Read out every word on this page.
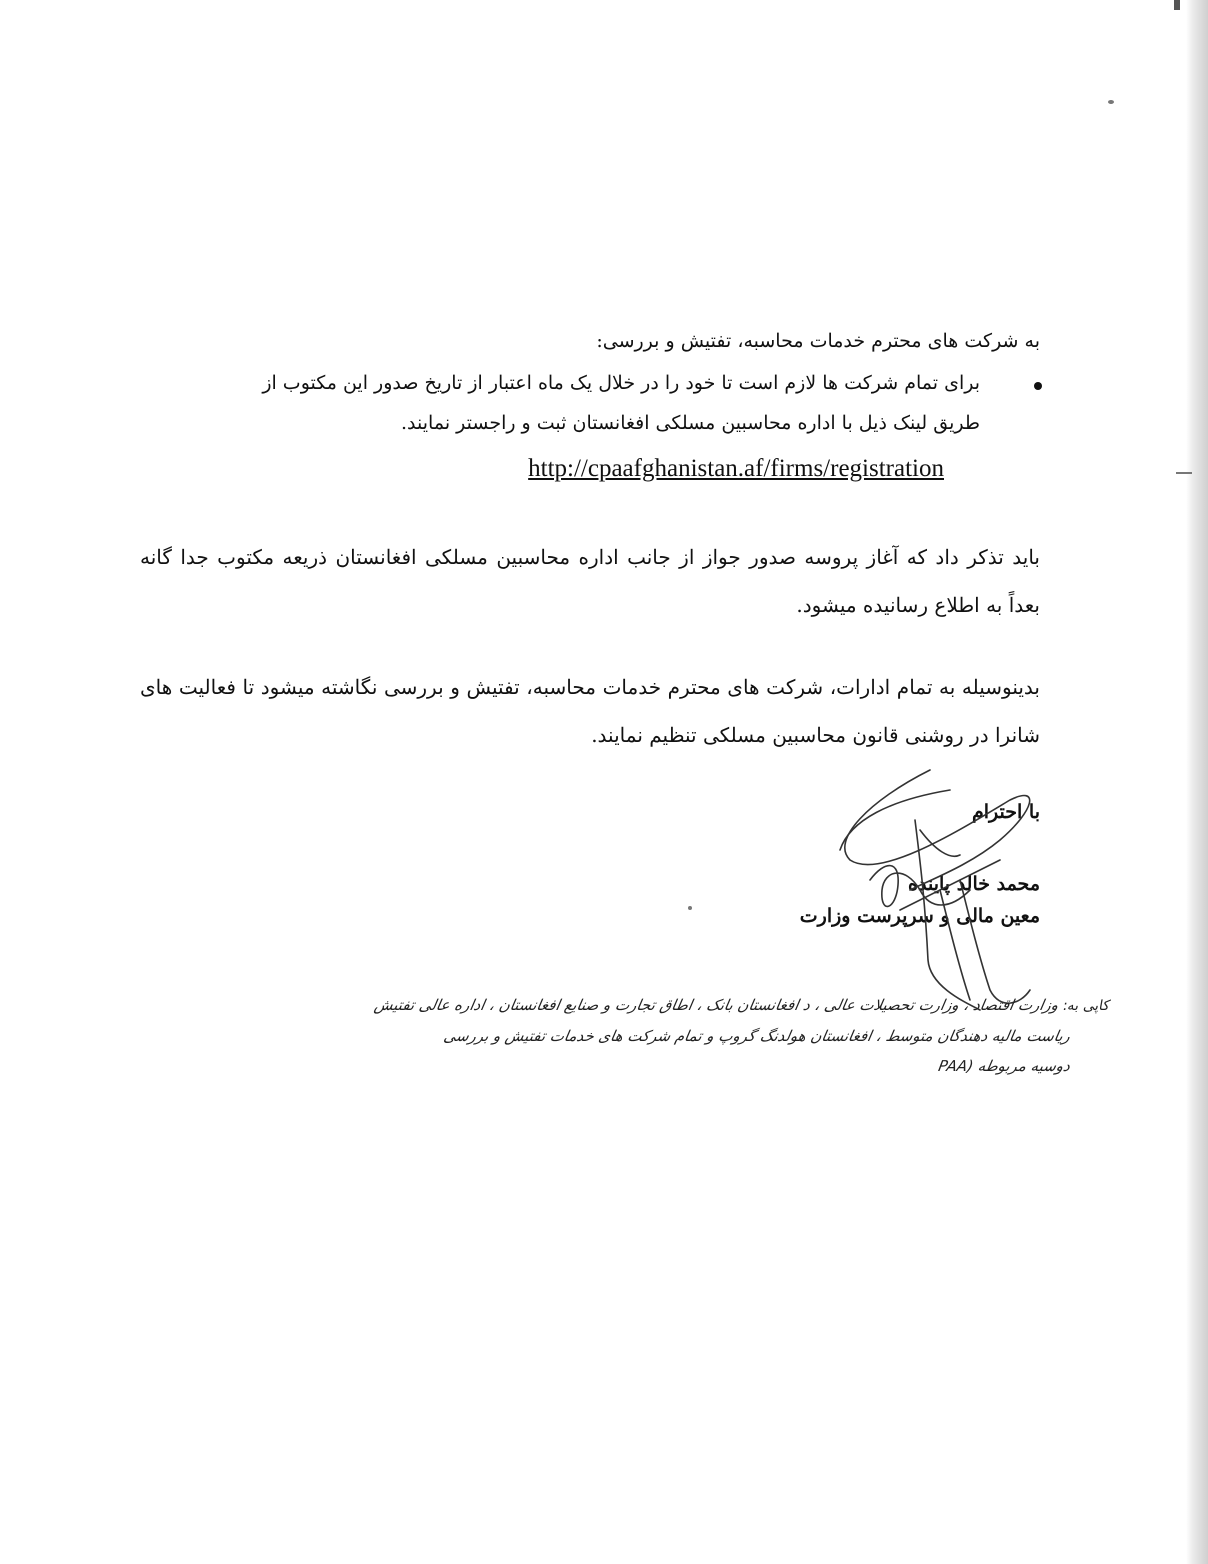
به شرکت های محترم خدمات محاسبه، تفتیش و بررسی:
برای تمام شرکت ها لازم است تا خود را در خلال یک ماه اعتبار از تاریخ صدور این مکتوب از
طریق لینک ذیل با اداره محاسبین مسلکی افغانستان ثبت و راجستر نمایند.
http://cpaafghanistan.af/firms/registration
باید تذکر داد که آغاز پروسه صدور جواز از جانب اداره محاسبین مسلکی افغانستان ذریعه مکتوب جدا گانه بعداً به اطلاع رسانیده میشود.
بدینوسیله به تمام ادارات، شرکت های محترم خدمات محاسبه، تفتیش و بررسی نگاشته میشود تا فعالیت های شانرا در روشنی قانون محاسبین مسلکی تنظیم نمایند.
با احترام
محمد خالد پاینده
معین مالی و سرپرست وزارت

کاپی به: وزارت اقتصاد ، وزارت تحصیلات عالی ، د افغانستان بانک ، اطاق تجارت و صنایع افغانستان ، اداره عالی تفتیش

ریاست مالیه دهندگان متوسط ، افغانستان هولدنگ گروپ و تمام شرکت های خدمات تفتیش و بررسی

دوسیه مربوطه (PAA
